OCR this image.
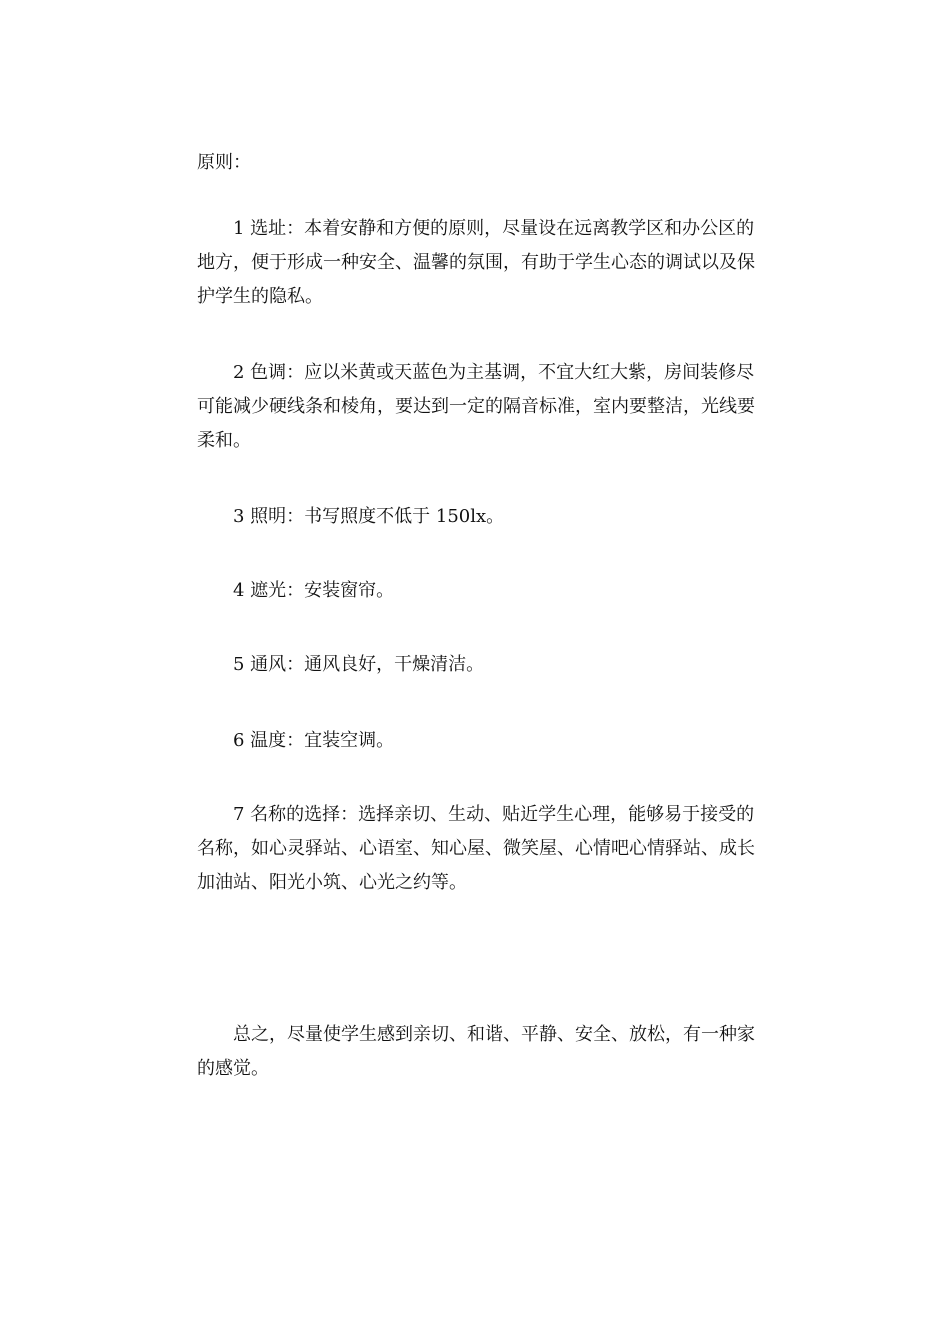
原则：

1 选址：本着安静和方便的原则，尽量设在远离教学区和办公区的地方，便于形成一种安全、温馨的氛围，有助于学生心态的调试以及保护学生的隐私。

2 色调：应以米黄或天蓝色为主基调，不宜大红大紫，房间装修尽可能减少硬线条和棱角，要达到一定的隔音标准，室内要整洁，光线要柔和。

3 照明：书写照度不低于 150lx。

4 遮光：安装窗帘。

5 通风：通风良好，干燥清洁。

6 温度：宜装空调。

7 名称的选择：选择亲切、生动、贴近学生心理，能够易于接受的名称，如心灵驿站、心语室、知心屋、微笑屋、心情吧心情驿站、成长加油站、阳光小筑、心光之约等。

总之，尽量使学生感到亲切、和谐、平静、安全、放松，有一种家的感觉。
